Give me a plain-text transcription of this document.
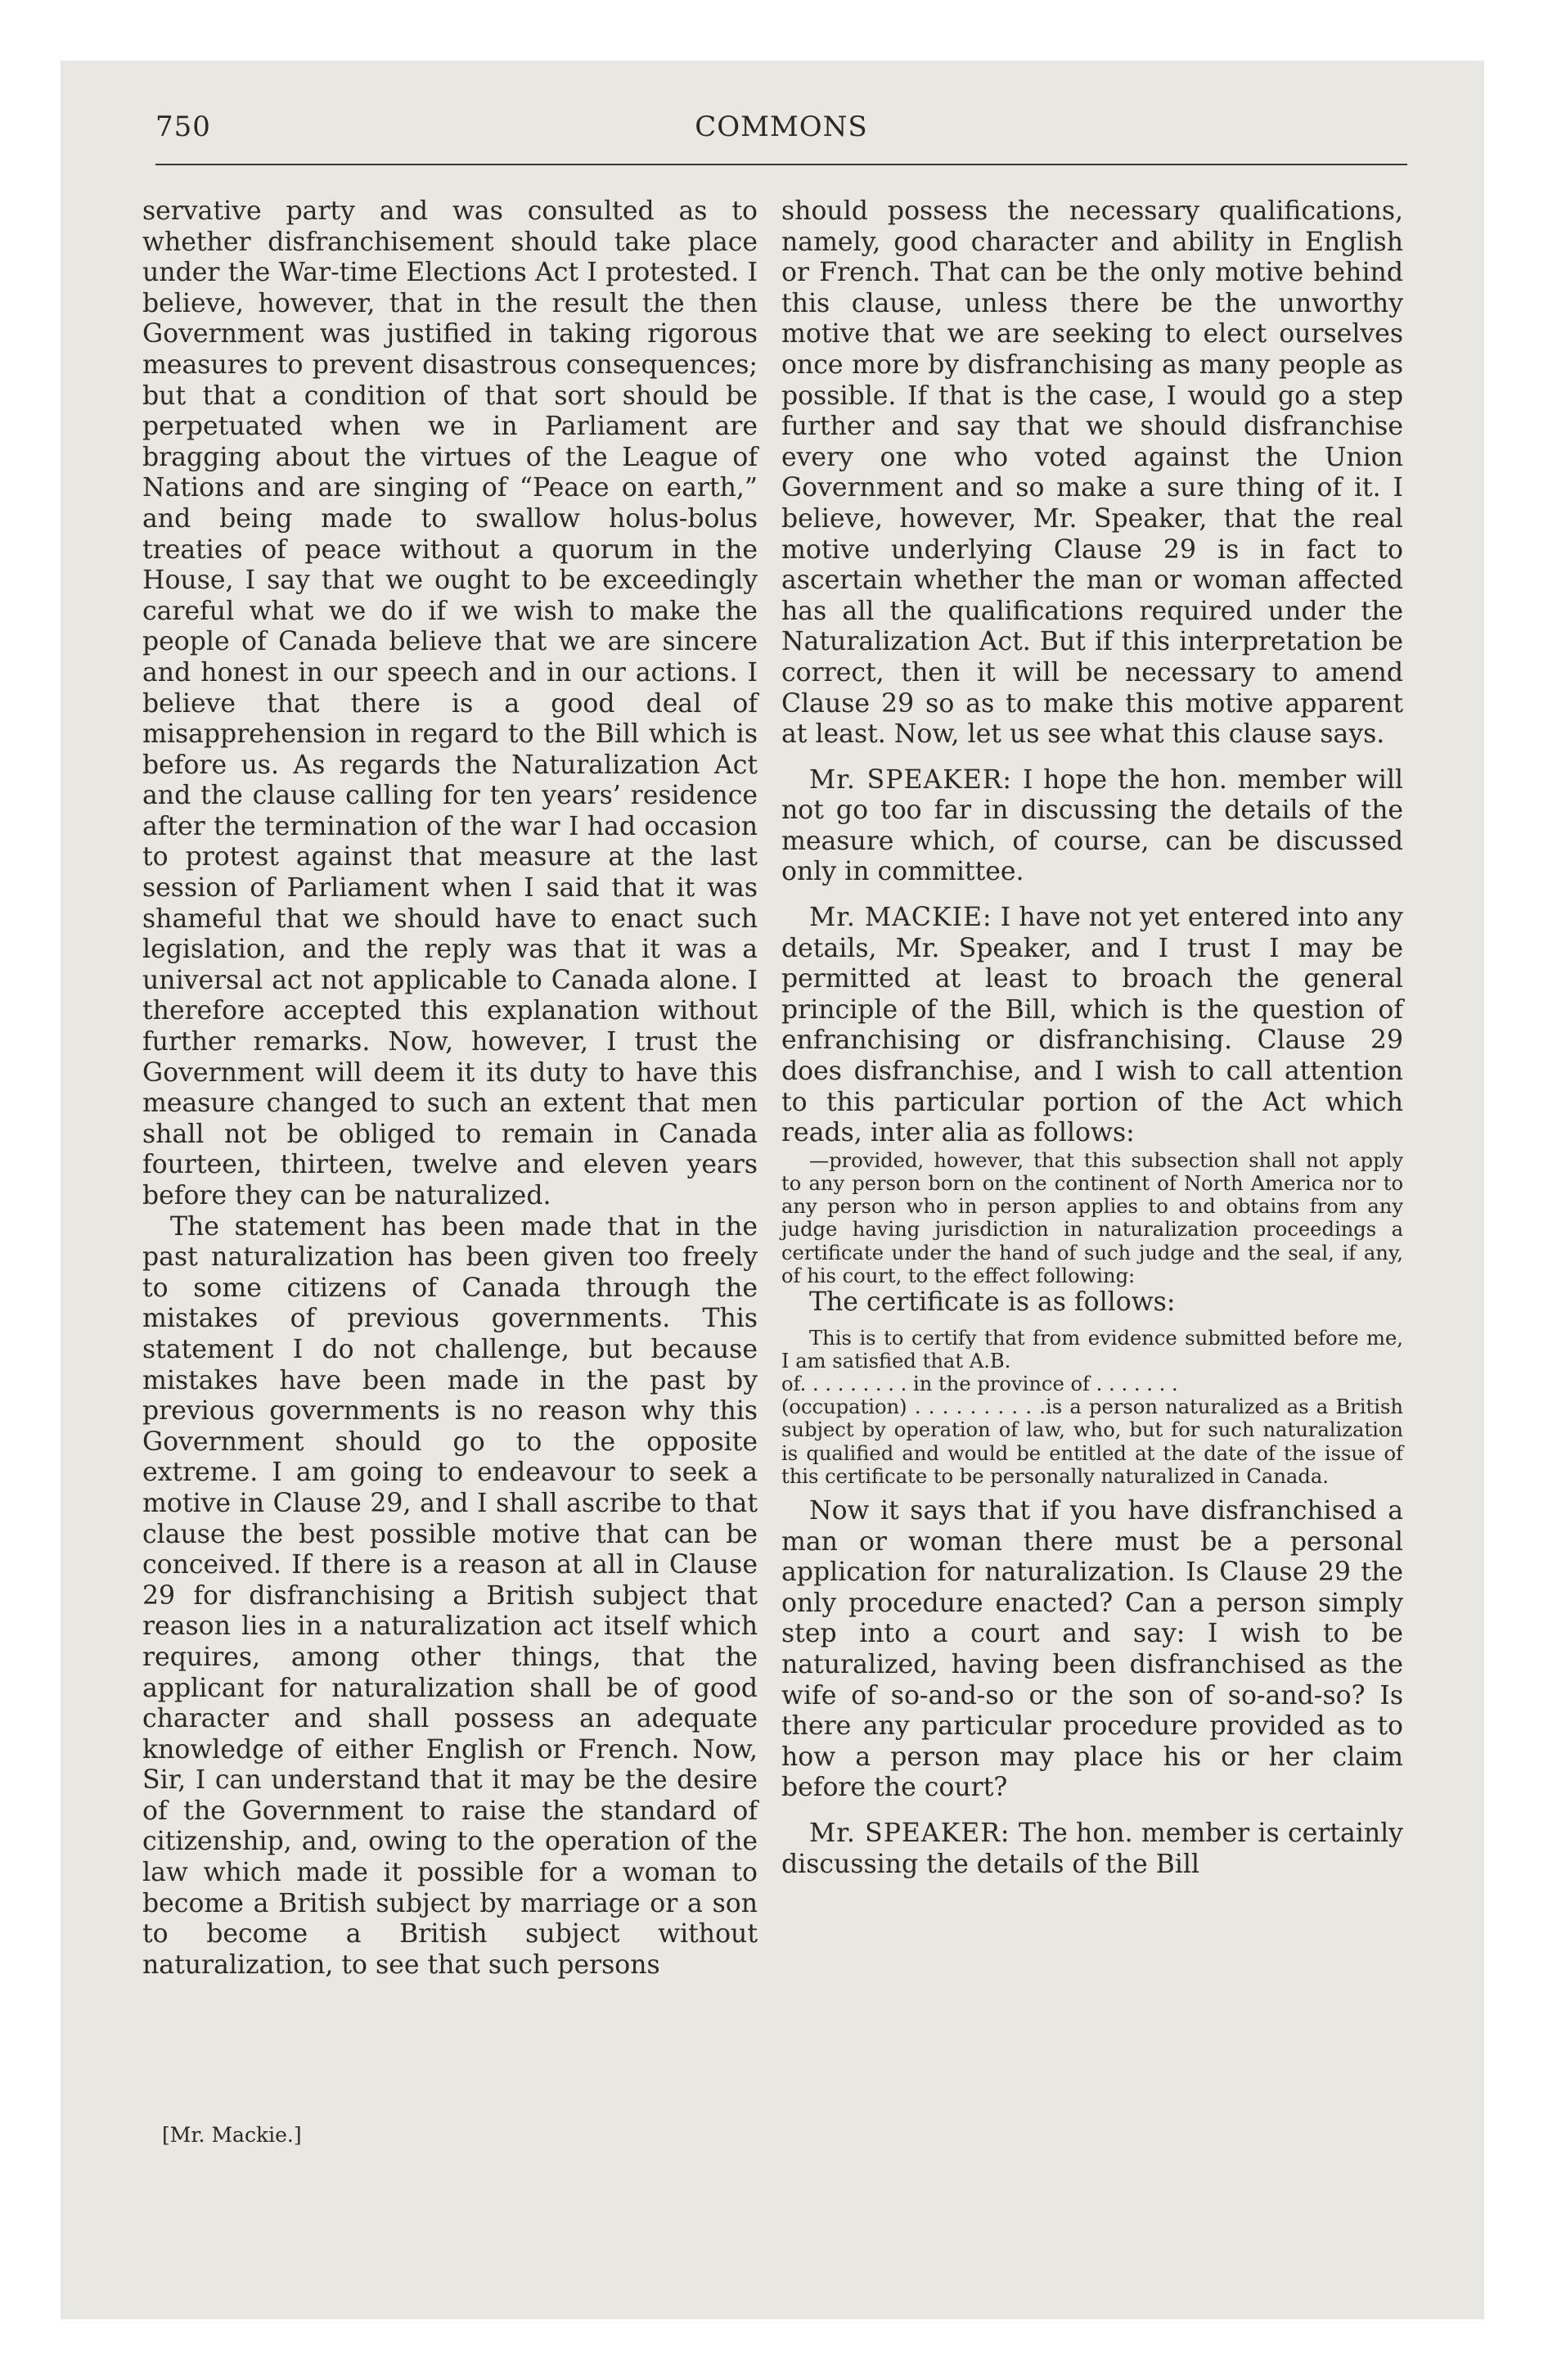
750	COMMONS

servative party and was consulted as to whether disfranchisement should take place under the War-time Elections Act I protested. I believe, however, that in the result the then Government was justified in taking rigorous measures to prevent disastrous consequences; but that a condition of that sort should be perpetuated when we in Parliament are bragging about the virtues of the League of Nations and are singing of “Peace on earth,” and being made to swallow holus-bolus treaties of peace without a quorum in the House, I say that we ought to be exceedingly careful what we do if we wish to make the people of Canada believe that we are sincere and honest in our speech and in our actions. I believe that there is a good deal of misapprehension in regard to the Bill which is before us. As regards the Naturalization Act and the clause calling for ten years’ residence after the termination of the war I had occasion to protest against that measure at the last session of Parliament when I said that it was shameful that we should have to enact such legislation, and the reply was that it was a universal act not applicable to Canada alone. I therefore accepted this explanation without further remarks. Now, however, I trust the Government will deem it its duty to have this measure changed to such an extent that men shall not be obliged to remain in Canada fourteen, thirteen, twelve and eleven years before they can be naturalized.

The statement has been made that in the past naturalization has been given too freely to some citizens of Canada through the mistakes of previous governments. This statement I do not challenge, but because mistakes have been made in the past by previous governments is no reason why this Government should go to the opposite extreme. I am going to endeavour to seek a motive in Clause 29, and I shall ascribe to that clause the best possible motive that can be conceived. If there is a reason at all in Clause 29 for disfranchising a British subject that reason lies in a naturalization act itself which requires, among other things, that the applicant for naturalization shall be of good character and shall possess an adequate knowledge of either English or French. Now, Sir, I can understand that it may be the desire of the Government to raise the standard of citizenship, and, owing to the operation of the law which made it possible for a woman to become a British subject by marriage or a son to become a British subject without naturalization, to see that such persons

should possess the necessary qualifications, namely, good character and ability in English or French. That can be the only motive behind this clause, unless there be the unworthy motive that we are seeking to elect ourselves once more by disfranchising as many people as possible. If that is the case, I would go a step further and say that we should disfranchise every one who voted against the Union Government and so make a sure thing of it. I believe, however, Mr. Speaker, that the real motive underlying Clause 29 is in fact to ascertain whether the man or woman affected has all the qualifications required under the Naturalization Act. But if this interpretation be correct, then it will be necessary to amend Clause 29 so as to make this motive apparent at least. Now, let us see what this clause says.

Mr. SPEAKER: I hope the hon. member will not go too far in discussing the details of the measure which, of course, can be discussed only in committee.

Mr. MACKIE: I have not yet entered into any details, Mr. Speaker, and I trust I may be permitted at least to broach the general principle of the Bill, which is the question of enfranchising or disfranchising. Clause 29 does disfranchise, and I wish to call attention to this particular portion of the Act which reads, inter alia as follows:

—provided, however, that this subsection shall not apply to any person born on the continent of North America nor to any person who in person applies to and obtains from any judge having jurisdiction in naturalization proceedings a certificate under the hand of such judge and the seal, if any, of his court, to the effect following:

The certificate is as follows:

This is to certify that from evidence submitted before me, I am satisfied that A.B.
of. . . . . . . . . in the province of . . . . . . .
(occupation) . . . . . . . . . .is a person naturalized as a British subject by operation of law, who, but for such naturalization is qualified and would be entitled at the date of the issue of this certificate to be personally naturalized in Canada.

Now it says that if you have disfranchised a man or woman there must be a personal application for naturalization. Is Clause 29 the only procedure enacted? Can a person simply step into a court and say: I wish to be naturalized, having been disfranchised as the wife of so-and-so or the son of so-and-so? Is there any particular procedure provided as to how a person may place his or her claim before the court?

Mr. SPEAKER: The hon. member is certainly discussing the details of the Bill

[Mr. Mackie.]
